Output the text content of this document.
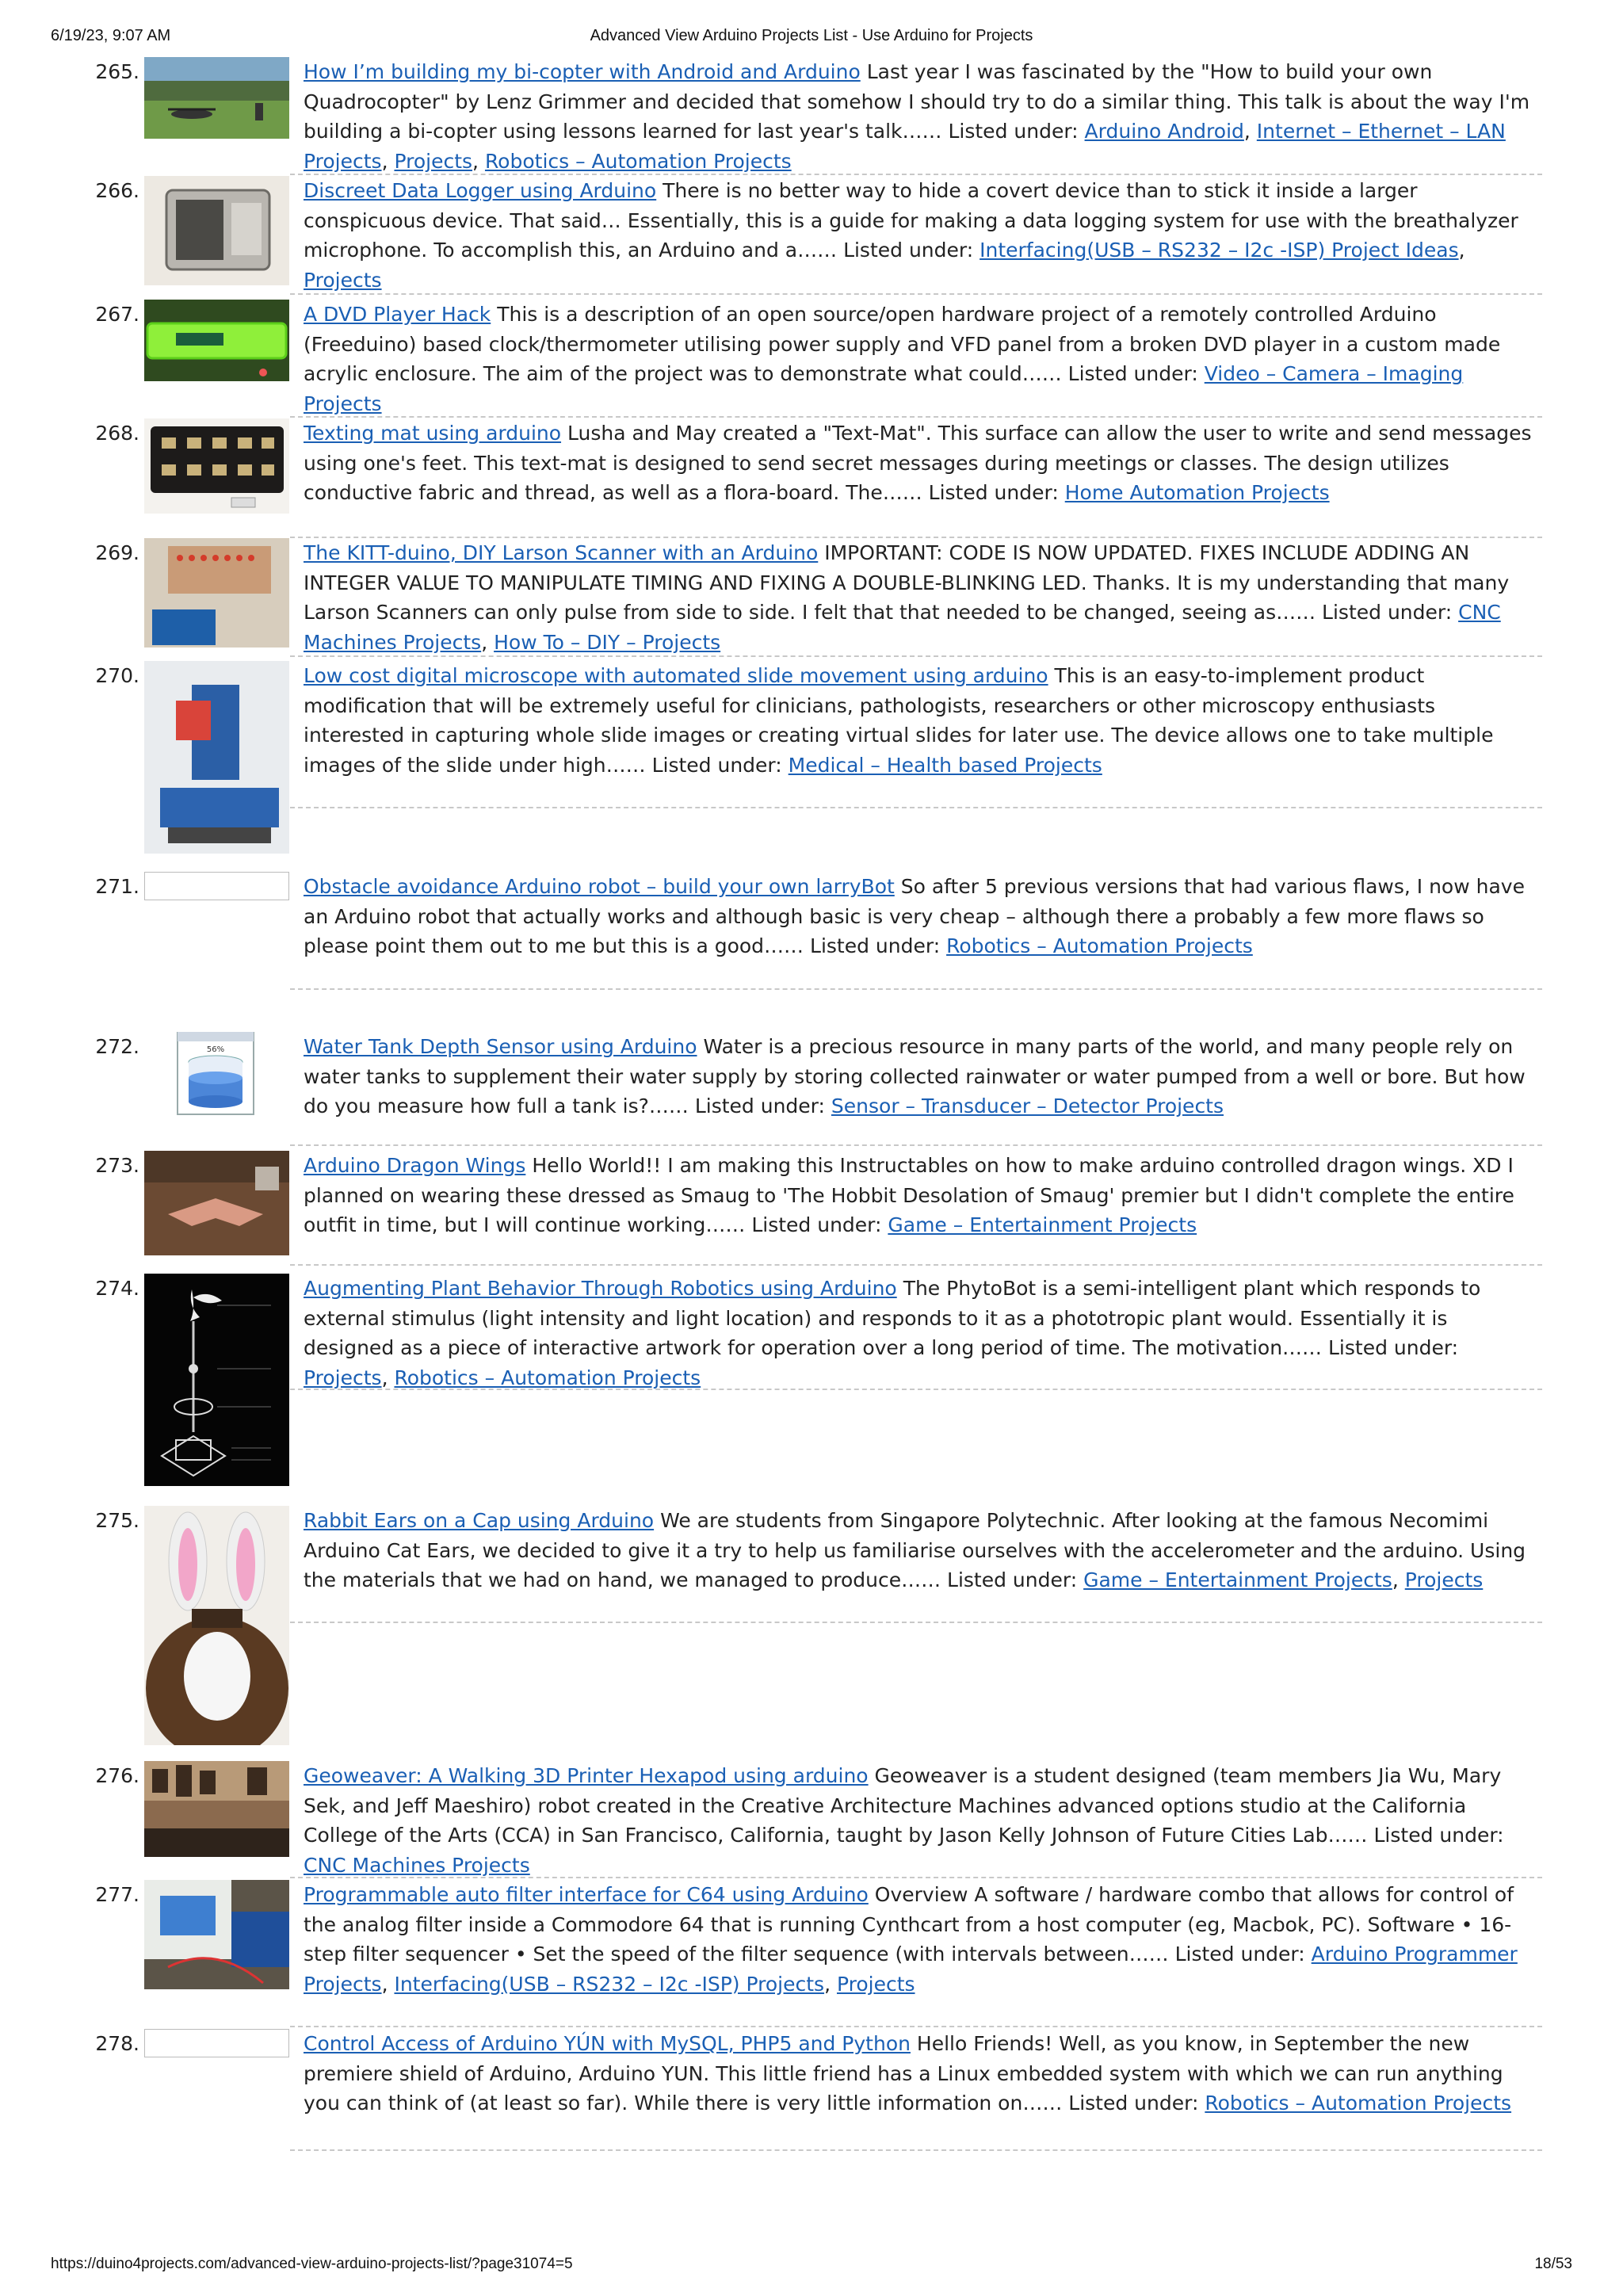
6/19/23, 9:07 AM	Advanced View Arduino Projects List - Use Arduino for Projects
265.	How I’m building my bi-copter with Android and Arduino Last year I was fascinated by the "How to build your own Quadrocopter" by Lenz Grimmer and decided that somehow I should try to do a similar thing. This talk is about the way I'm building a bi-copter using lessons learned for last year's talk…… Listed under: Arduino Android, Internet – Ethernet – LAN Projects, Projects, Robotics – Automation Projects
266.	Discreet Data Logger using Arduino There is no better way to hide a covert device than to stick it inside a larger conspicuous device. That said… Essentially, this is a guide for making a data logging system for use with the breathalyzer microphone. To accomplish this, an Arduino and a…… Listed under: Interfacing(USB – RS232 – I2c -ISP) Project Ideas, Projects
267.	A DVD Player Hack This is a description of an open source/open hardware project of a remotely controlled Arduino (Freeduino) based clock/thermometer utilising power supply and VFD panel from a broken DVD player in a custom made acrylic enclosure. The aim of the project was to demonstrate what could…… Listed under: Video – Camera – Imaging Projects
268.	Texting mat using arduino Lusha and May created a "Text-Mat". This surface can allow the user to write and send messages using one's feet. This text-mat is designed to send secret messages during meetings or classes. The design utilizes conductive fabric and thread, as well as a flora-board. The…… Listed under: Home Automation Projects
269.	The KITT-duino, DIY Larson Scanner with an Arduino IMPORTANT: CODE IS NOW UPDATED. FIXES INCLUDE ADDING AN INTEGER VALUE TO MANIPULATE TIMING AND FIXING A DOUBLE-BLINKING LED. Thanks. It is my understanding that many Larson Scanners can only pulse from side to side. I felt that that needed to be changed, seeing as…… Listed under: CNC Machines Projects, How To – DIY – Projects
270.	Low cost digital microscope with automated slide movement using arduino This is an easy-to-implement product modification that will be extremely useful for clinicians, pathologists, researchers or other microscopy enthusiasts interested in capturing whole slide images or creating virtual slides for later use. The device allows one to take multiple images of the slide under high…… Listed under: Medical – Health based Projects
271.	Obstacle avoidance Arduino robot – build your own larryBot So after 5 previous versions that had various flaws, I now have an Arduino robot that actually works and although basic is very cheap – although there a probably a few more flaws so please point them out to me but this is a good…… Listed under: Robotics – Automation Projects
272.	56%	Water Tank Depth Sensor using Arduino Water is a precious resource in many parts of the world, and many people rely on water tanks to supplement their water supply by storing collected rainwater or water pumped from a well or bore. But how do you measure how full a tank is?…… Listed under: Sensor – Transducer – Detector Projects
273.	Arduino Dragon Wings Hello World!! I am making this Instructables on how to make arduino controlled dragon wings. XD I planned on wearing these dressed as Smaug to 'The Hobbit Desolation of Smaug' premier but I didn't complete the entire outfit in time, but I will continue working…… Listed under: Game – Entertainment Projects
274.	Augmenting Plant Behavior Through Robotics using Arduino The PhytoBot is a semi-intelligent plant which responds to external stimulus (light intensity and light location) and responds to it as a phototropic plant would. Essentially it is designed as a piece of interactive artwork for operation over a long period of time. The motivation…… Listed under: Projects, Robotics – Automation Projects
275.	Rabbit Ears on a Cap using Arduino We are students from Singapore Polytechnic. After looking at the famous Necomimi Arduino Cat Ears, we decided to give it a try to help us familiarise ourselves with the accelerometer and the arduino. Using the materials that we had on hand, we managed to produce…… Listed under: Game – Entertainment Projects, Projects
276.	Geoweaver: A Walking 3D Printer Hexapod using arduino Geoweaver is a student designed (team members Jia Wu, Mary Sek, and Jeff Maeshiro) robot created in the Creative Architecture Machines advanced options studio at the California College of the Arts (CCA) in San Francisco, California, taught by Jason Kelly Johnson of Future Cities Lab…… Listed under: CNC Machines Projects
277.	Programmable auto filter interface for C64 using Arduino Overview A software / hardware combo that allows for control of the analog filter inside a Commodore 64 that is running Cynthcart from a host computer (eg, Macbok, PC). Software • 16-step filter sequencer • Set the speed of the filter sequence (with intervals between…… Listed under: Arduino Programmer Projects, Interfacing(USB – RS232 – I2c -ISP) Projects, Projects
278.	Control Access of Arduino YÚN with MySQL, PHP5 and Python Hello Friends! Well, as you know, in September the new premiere shield of Arduino, Arduino YUN. This little friend has a Linux embedded system with which we can run anything you can think of (at least so far). While there is very little information on…… Listed under: Robotics – Automation Projects
https://duino4projects.com/advanced-view-arduino-projects-list/?page31074=5	18/53
